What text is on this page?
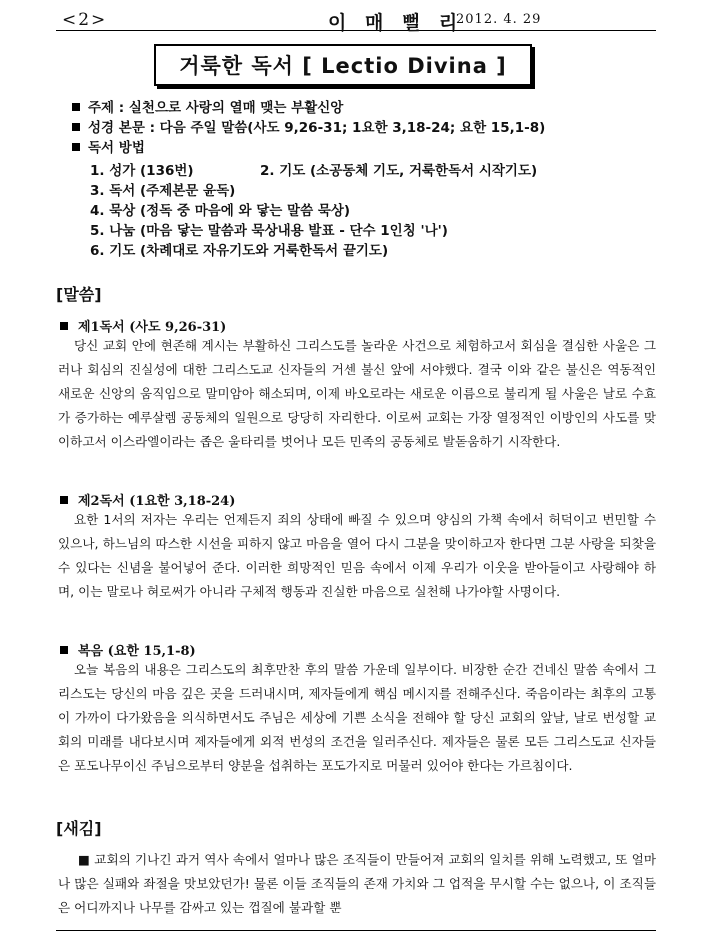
<2>	이 매 뻘 리
2012. 4. 29
거룩한 독서 [ Lectio Divina ]
주제 : 실천으로 사랑의 열매 맺는 부활신앙
성경 본문 : 다음 주일 말씀(사도 9,26-31; 1요한 3,18-24; 요한 15,1-8)
독서 방법
1. 성가 (136번)	2. 기도 (소공동체 기도, 거룩한독서 시작기도)
3. 독서 (주제본문 윤독)
4. 묵상 (정독 중 마음에 와 닿는 말씀 묵상)
5. 나눔 (마음 닿는 말씀과 묵상내용 발표 - 단수 1인칭 '나')
6. 기도 (차례대로 자유기도와 거룩한독서 끝기도)
[말씀]
제1독서 (사도 9,26-31)
당신 교회 안에 현존해 계시는 부활하신 그리스도를 놀라운 사건으로 체험하고서 회심을 결심한 사울은 그러나 회심의 진실성에 대한 그리스도교 신자들의 거센 불신 앞에 서야했다. 결국 이와 같은 불신은 역동적인 새로운 신앙의 움직임으로 말미암아 해소되며, 이제 바오로라는 새로운 이름으로 불리게 될 사울은 날로 수효가 증가하는 예루살렘 공동체의 일원으로 당당히 자리한다. 이로써 교회는 가장 열정적인 이방인의 사도를 맞이하고서 이스라엘이라는 좁은 울타리를 벗어나 모든 민족의 공동체로 발돋움하기 시작한다.
제2독서 (1요한 3,18-24)
요한 1서의 저자는 우리는 언제든지 죄의 상태에 빠질 수 있으며 양심의 가책 속에서 허덕이고 번민할 수 있으나, 하느님의 따스한 시선을 피하지 않고 마음을 열어 다시 그분을 맞이하고자 한다면 그분 사랑을 되찾을 수 있다는 신념을 불어넣어 준다. 이러한 희망적인 믿음 속에서 이제 우리가 이웃을 받아들이고 사랑해야 하며, 이는 말로나 혀로써가 아니라 구체적 행동과 진실한 마음으로 실천해 나가야할 사명이다.
복음 (요한 15,1-8)
오늘 복음의 내용은 그리스도의 최후만찬 후의 말씀 가운데 일부이다. 비장한 순간 건네신 말씀 속에서 그리스도는 당신의 마음 깊은 곳을 드러내시며, 제자들에게 핵심 메시지를 전해주신다. 죽음이라는 최후의 고통이 가까이 다가왔음을 의식하면서도 주님은 세상에 기쁜 소식을 전해야 할 당신 교회의 앞날, 날로 번성할 교회의 미래를 내다보시며 제자들에게 외적 번성의 조건을 일러주신다. 제자들은 물론 모든 그리스도교 신자들은 포도나무이신 주님으로부터 양분을 섭취하는 포도가지로 머물러 있어야 한다는 가르침이다.
[새김]
■ 교회의 기나긴 과거 역사 속에서 얼마나 많은 조직들이 만들어져 교회의 일치를 위해 노력했고, 또 얼마나 많은 실패와 좌절을 맛보았던가! 물론 이들 조직들의 존재 가치와 그 업적을 무시할 수는 없으나, 이 조직들은 어디까지나 나무를 감싸고 있는 껍질에 불과할 뿐
